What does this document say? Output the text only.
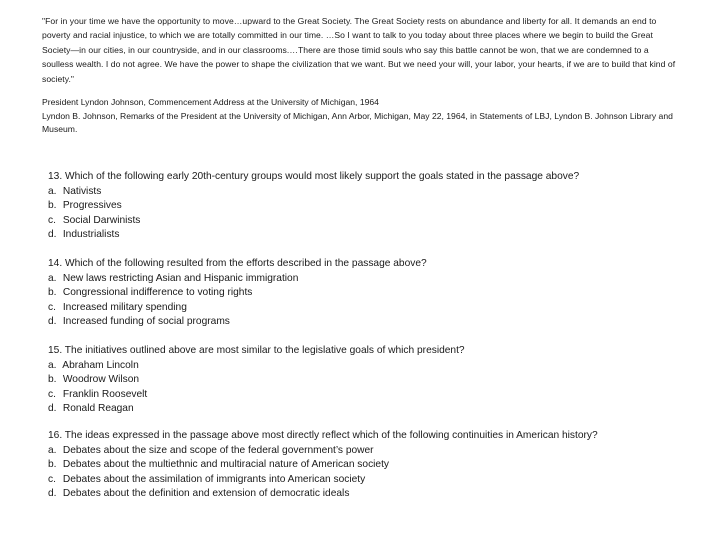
"For in your time we have the opportunity to move…upward to the Great Society. The Great Society rests on abundance and liberty for all. It demands an end to poverty and racial injustice, to which we are totally committed in our time. …So I want to talk to you today about three places where we begin to build the Great Society—in our cities, in our countryside, and in our classrooms.…There are those timid souls who say this battle cannot be won, that we are condemned to a soulless wealth. I do not agree. We have the power to shape the civilization that we want. But we need your will, your labor, your hearts, if we are to build that kind of society."
President Lyndon Johnson, Commencement Address at the University of Michigan, 1964
Lyndon B. Johnson, Remarks of the President at the University of Michigan, Ann Arbor, Michigan, May 22, 1964, in Statements of LBJ, Lyndon B. Johnson Library and Museum.
13. Which of the following early 20th-century groups would most likely support the goals stated in the passage above?
a. Nativists
b. Progressives
c. Social Darwinists
d. Industrialists
14. Which of the following resulted from the efforts described in the passage above?
a. New laws restricting Asian and Hispanic immigration
b. Congressional indifference to voting rights
c. Increased military spending
d. Increased funding of social programs
15. The initiatives outlined above are most similar to the legislative goals of which president?
a. Abraham Lincoln
b. Woodrow Wilson
c. Franklin Roosevelt
d. Ronald Reagan
16. The ideas expressed in the passage above most directly reflect which of the following continuities in American history?
a. Debates about the size and scope of the federal government’s power
b. Debates about the multiethnic and multiracial nature of American society
c. Debates about the assimilation of immigrants into American society
d. Debates about the definition and extension of democratic ideals
